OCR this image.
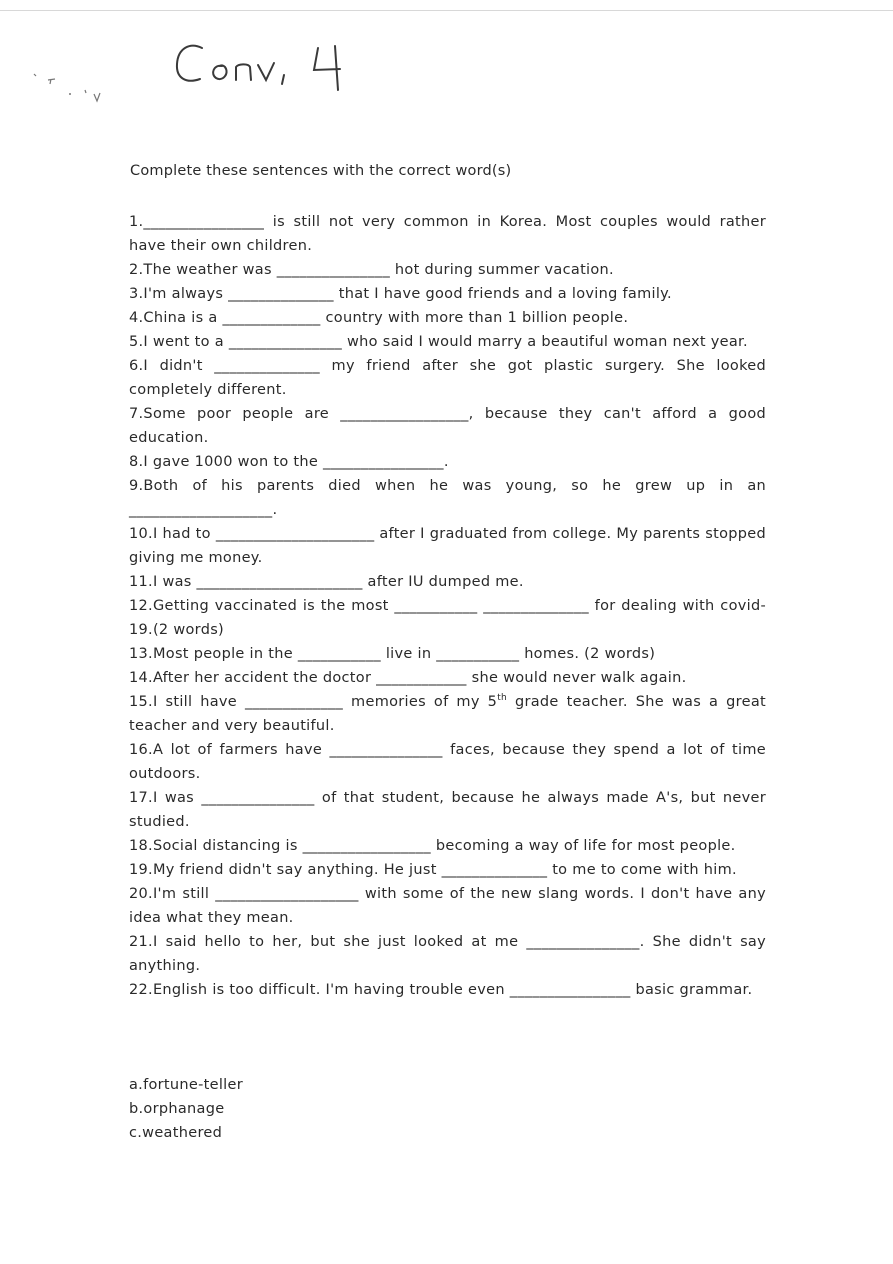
Conv, 4
Complete these sentences with the correct word(s)

1.________________ is still not very common in Korea. Most couples would rather have their own children.

2.The weather was _______________ hot during summer vacation.

3.I'm always ______________ that I have good friends and a loving family.

4.China is a _____________ country with more than 1 billion people.

5.I went to a _______________ who said I would marry a beautiful woman next year.

6.I didn't ______________ my friend after she got plastic surgery. She looked completely different.

7.Some poor people are _________________, because they can't afford a good education.

8.I gave 1000 won to the ________________.

9.Both of his parents died when he was young, so he grew up in an ___________________.

10.I had to _____________________ after I graduated from college. My parents stopped giving me money.

11.I was ______________________ after IU dumped me.

12.Getting vaccinated is the most ___________ ______________ for dealing with covid-19.(2 words)

13.Most people in the ___________ live in ___________ homes. (2 words)

14.After her accident the doctor ____________ she would never walk again.

15.I still have _____________ memories of my 5th grade teacher. She was a great teacher and very beautiful.

16.A lot of farmers have _______________ faces, because they spend a lot of time outdoors.

17.I was _______________ of that student, because he always made A's, but never studied.

18.Social distancing is _________________ becoming a way of life for most people.

19.My friend didn't say anything. He just ______________ to me to come with him.

20.I'm still ___________________ with some of the new slang words. I don't have any idea what they mean.

21.I said hello to her, but she just looked at me _______________. She didn't say anything.

22.English is too difficult. I'm having trouble even ________________ basic grammar.

a.fortune-teller
b.orphanage
c.weathered
